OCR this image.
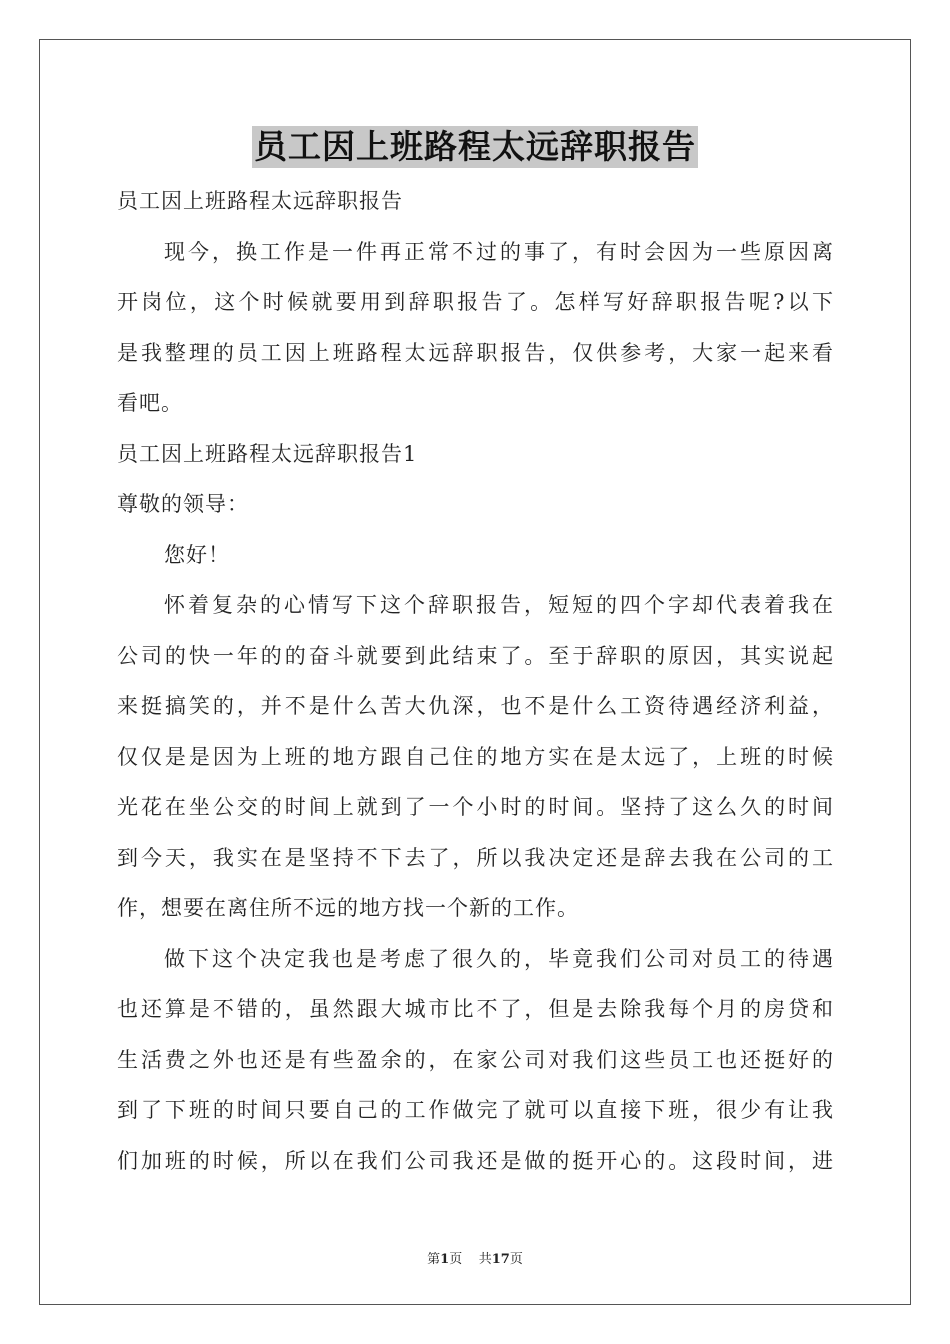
员工因上班路程太远辞职报告
员工因上班路程太远辞职报告
现今，换工作是一件再正常不过的事了，有时会因为一些原因离
开岗位，这个时候就要用到辞职报告了。怎样写好辞职报告呢?以下
是我整理的员工因上班路程太远辞职报告，仅供参考，大家一起来看
看吧。
员工因上班路程太远辞职报告1
尊敬的领导：
您好！
怀着复杂的心情写下这个辞职报告，短短的四个字却代表着我在
公司的快一年的的奋斗就要到此结束了。至于辞职的原因，其实说起
来挺搞笑的，并不是什么苦大仇深，也不是什么工资待遇经济利益，
仅仅是是因为上班的地方跟自己住的地方实在是太远了，上班的时候
光花在坐公交的时间上就到了一个小时的时间。坚持了这么久的时间
到今天，我实在是坚持不下去了，所以我决定还是辞去我在公司的工
作，想要在离住所不远的地方找一个新的工作。
做下这个决定我也是考虑了很久的，毕竟我们公司对员工的待遇
也还算是不错的，虽然跟大城市比不了，但是去除我每个月的房贷和
生活费之外也还是有些盈余的，在家公司对我们这些员工也还挺好的
到了下班的时间只要自己的工作做完了就可以直接下班，很少有让我
们加班的时候，所以在我们公司我还是做的挺开心的。这段时间，进
第1页 共17页
